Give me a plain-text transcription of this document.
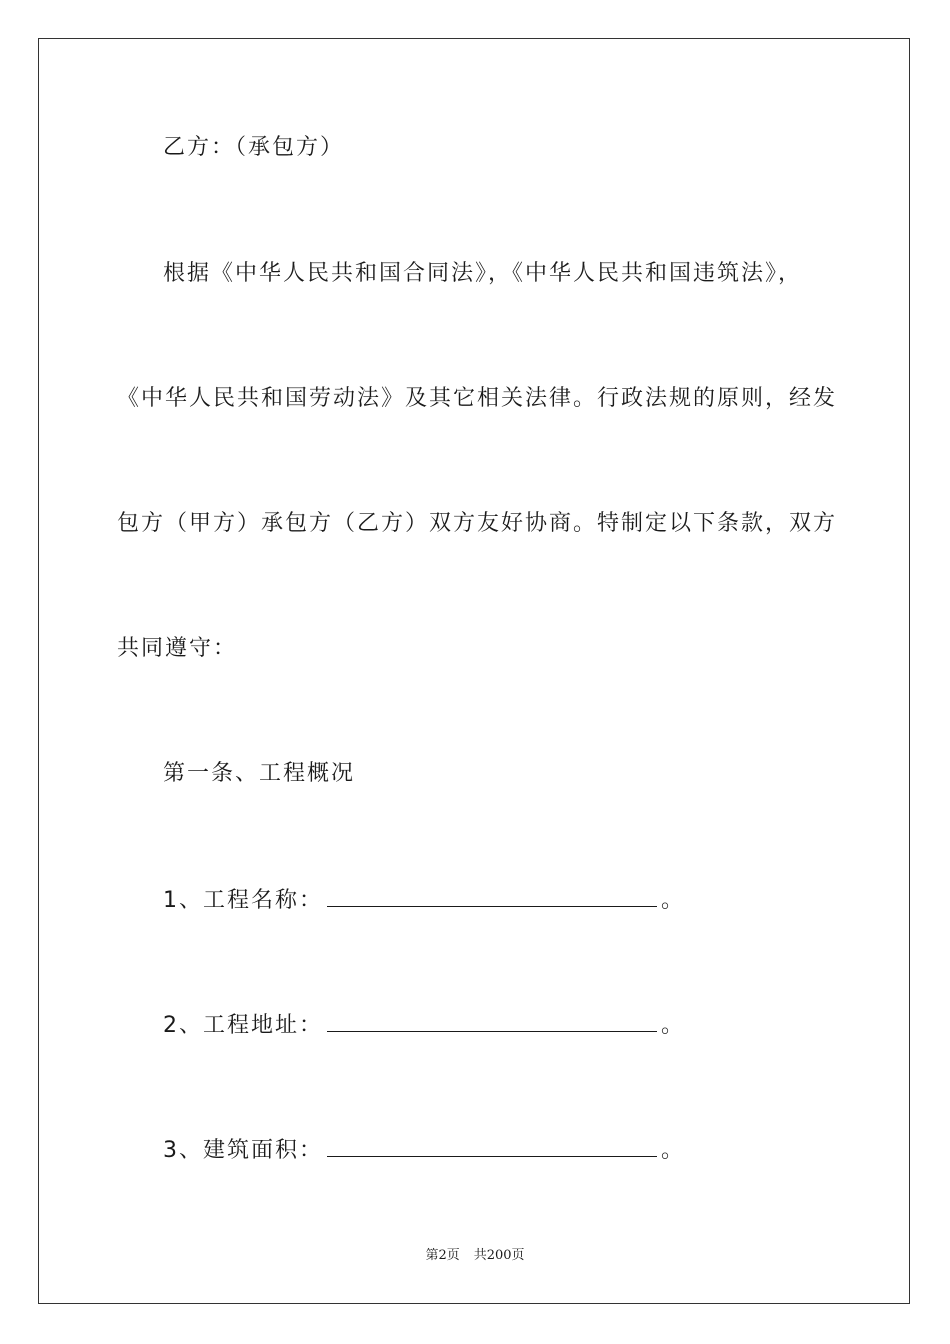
乙方：（承包方）
根据《中华人民共和国合同法》，《中华人民共和国违筑法》，
《中华人民共和国劳动法》及其它相关法律。行政法规的原则，经发
包方（甲方）承包方（乙方）双方友好协商。特制定以下条款，双方
共同遵守：
第一条、工程概况
1、工程名称：	。
2、工程地址：	。
3、建筑面积：	。
第2页 共200页
